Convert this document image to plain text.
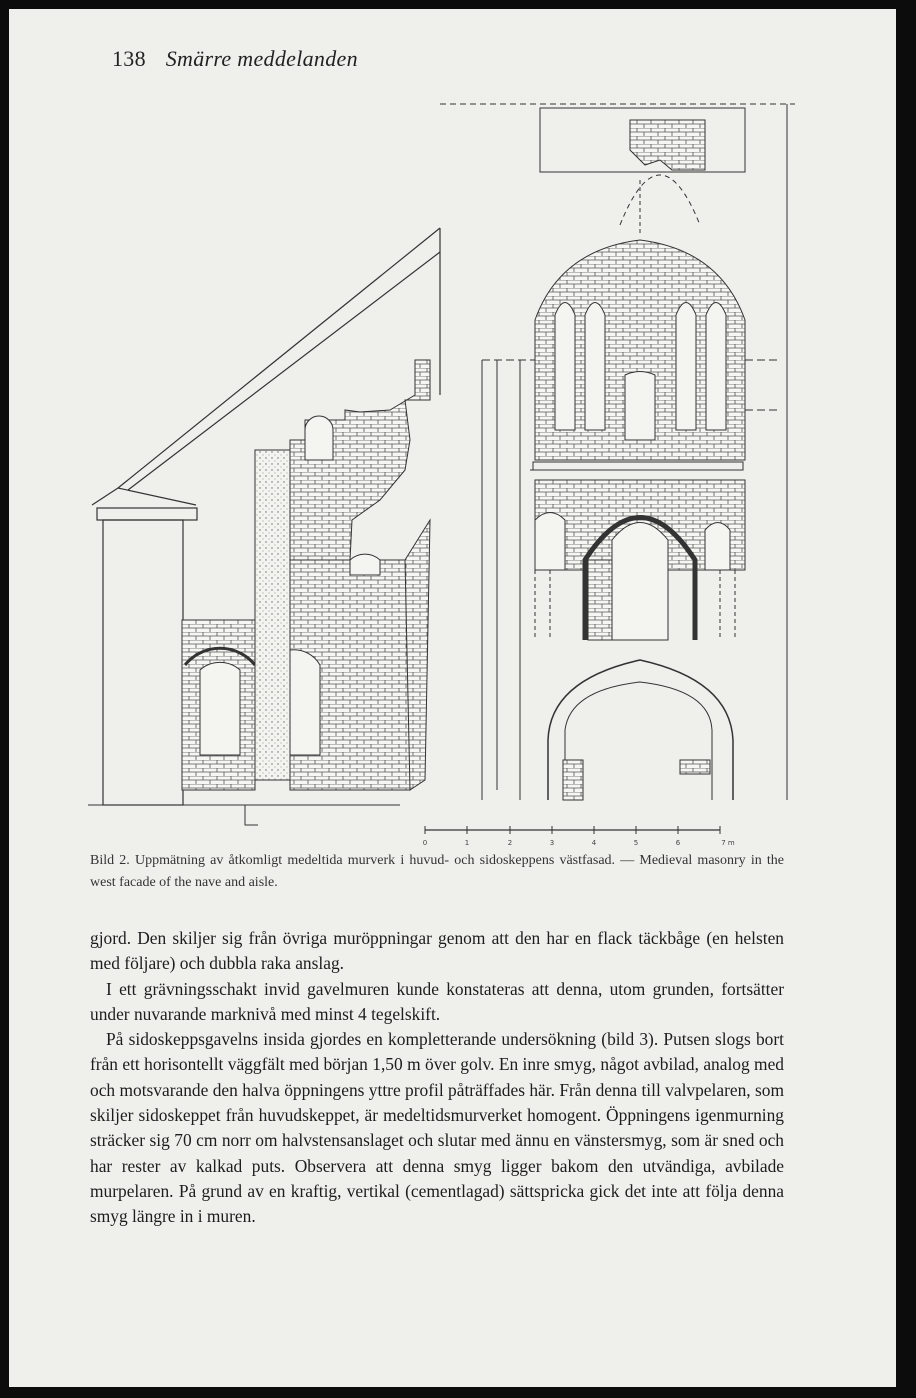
138 Smärre meddelanden
0	1	2	3	4	5	6	7 m
Bild 2. Uppmätning av åtkomligt medeltida murverk i huvud- och sidoskeppens västfasad. — Medieval masonry in the west facade of the nave and aisle.

gjord. Den skiljer sig från övriga muröppningar genom att den har en flack täckbåge (en helsten med följare) och dubbla raka anslag.

I ett grävningsschakt invid gavelmuren kunde konstateras att denna, utom grunden, fortsätter under nuvarande marknivå med minst 4 tegelskift.

På sidoskeppsgavelns insida gjordes en kompletterande undersökning (bild 3). Putsen slogs bort från ett horisontellt väggfält med början 1,50 m över golv. En inre smyg, något avbilad, analog med och motsvarande den halva öppningens yttre profil påträffades här. Från denna till valvpelaren, som skiljer sidoskeppet från huvudskeppet, är medeltidsmurverket homogent. Öppningens igenmurning sträcker sig 70 cm norr om halvstensanslaget och slutar med ännu en vänstersmyg, som är sned och har rester av kalkad puts. Observera att denna smyg ligger bakom den utvändiga, avbilade murpelaren. På grund av en kraftig, vertikal (cementlagad) sättspricka gick det inte att följa denna smyg längre in i muren.
